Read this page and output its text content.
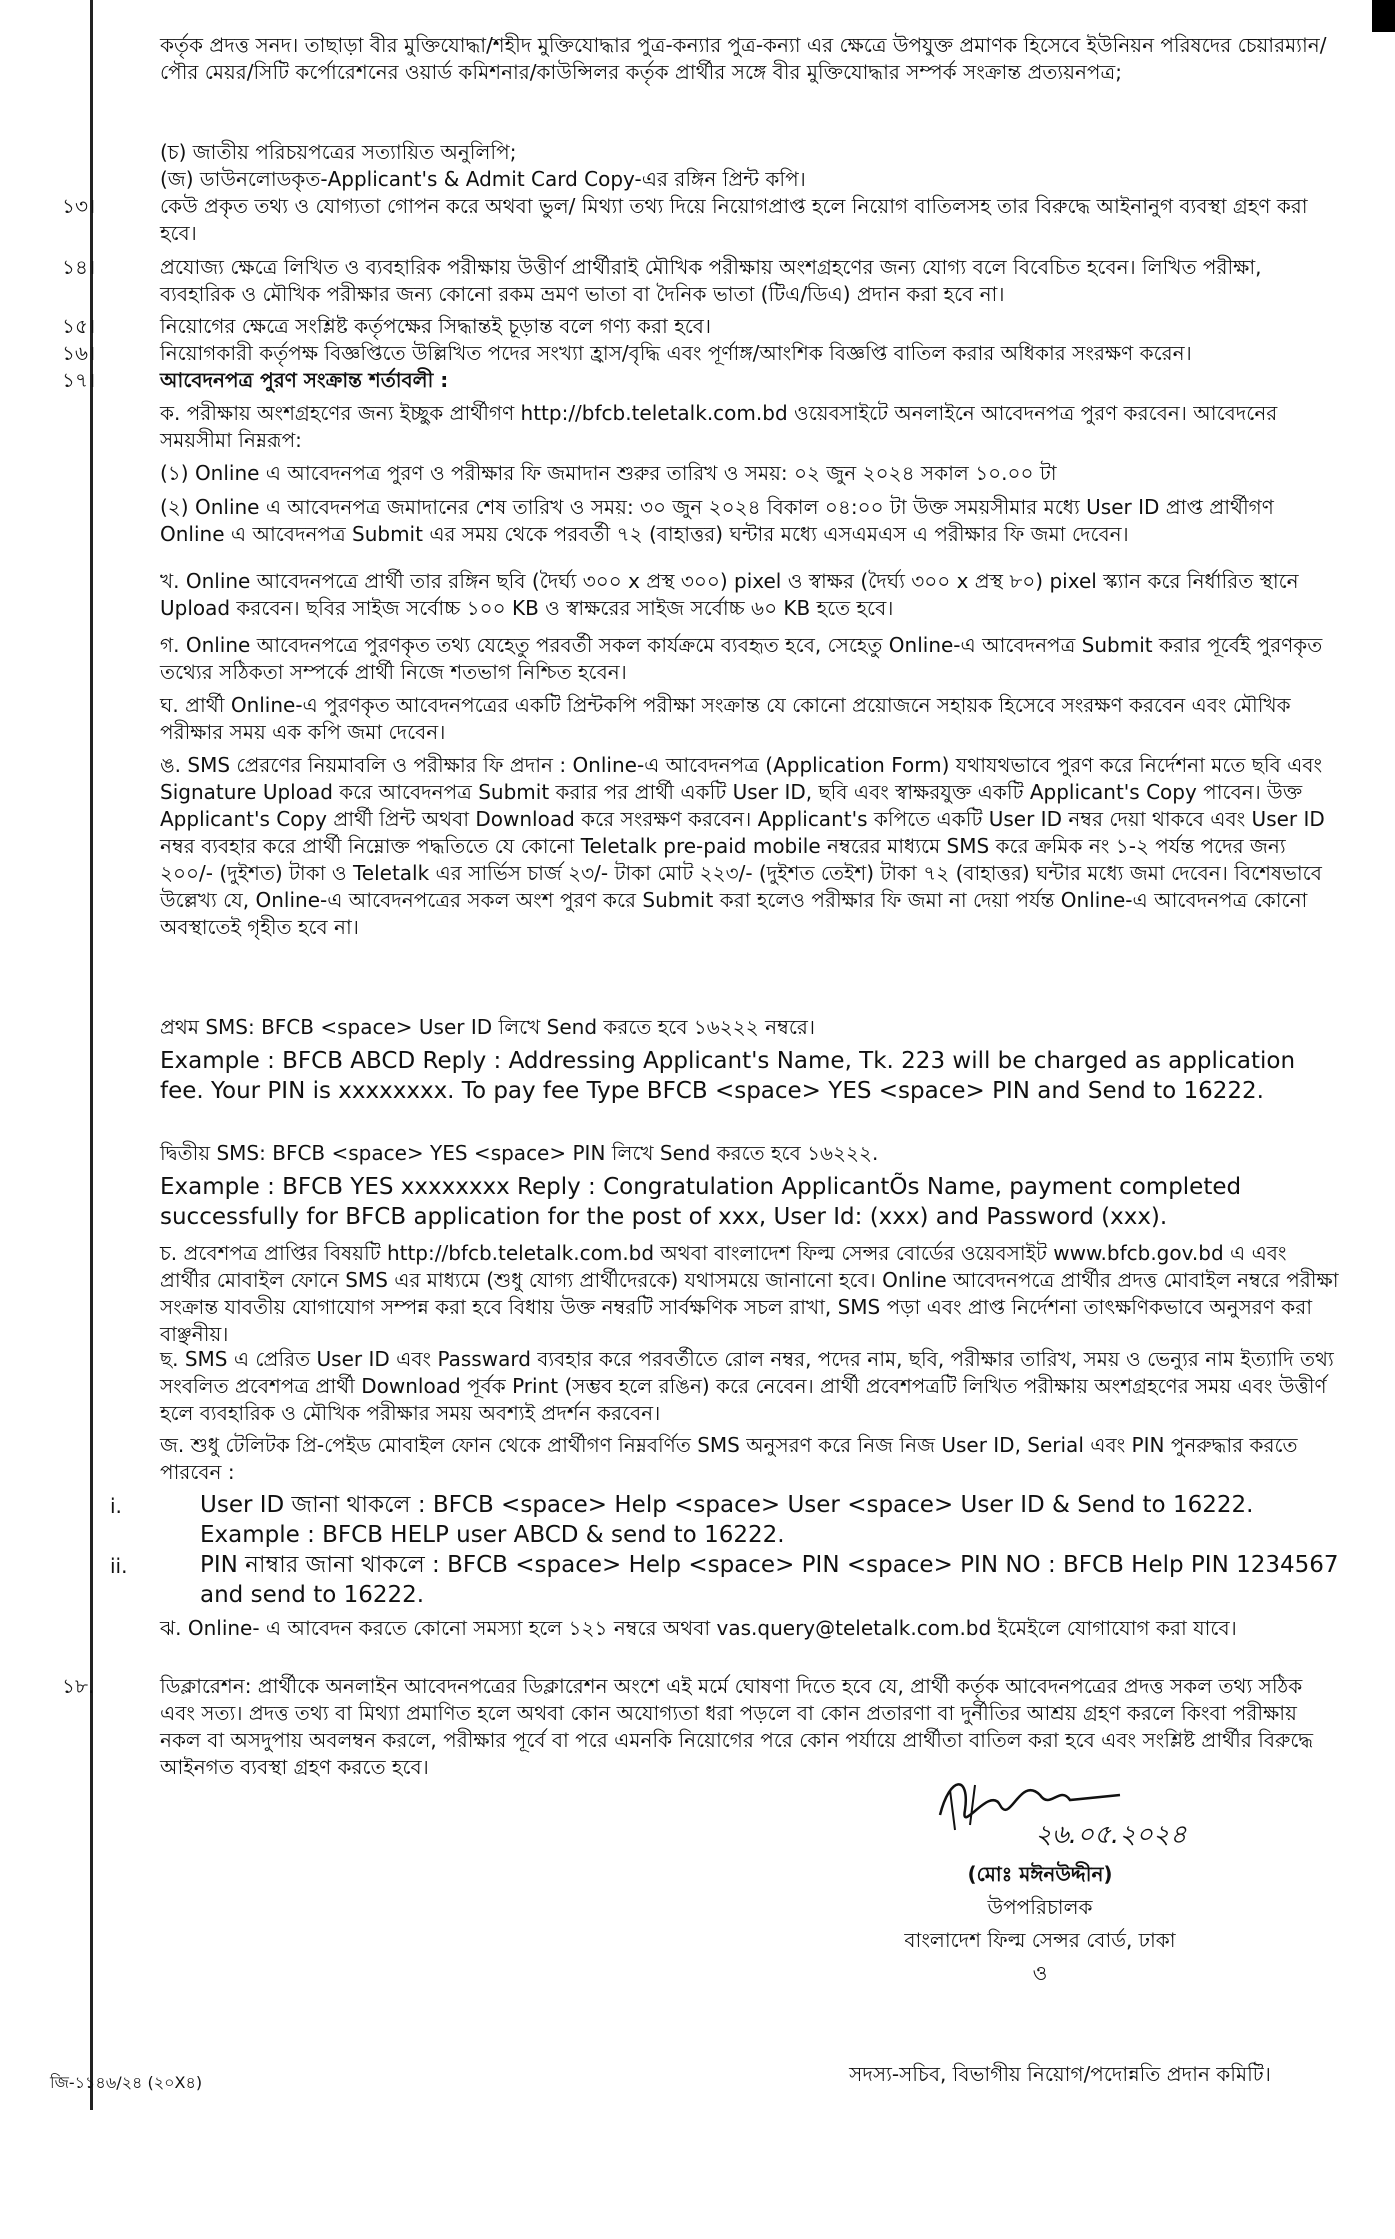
কর্তৃক প্রদত্ত সনদ। তাছাড়া বীর মুক্তিযোদ্ধা/শহীদ মুক্তিযোদ্ধার পুত্র-কন্যার পুত্র-কন্যা এর ক্ষেত্রে উপযুক্ত প্রমাণক হিসেবে ইউনিয়ন পরিষদের চেয়ারম্যান/পৌর মেয়র/সিটি কর্পোরেশনের ওয়ার্ড কমিশনার/কাউন্সিলর কর্তৃক প্রার্থীর সঙ্গে বীর মুক্তিযোদ্ধার সম্পর্ক সংক্রান্ত প্রত্যয়নপত্র;

(চ) জাতীয় পরিচয়পত্রের সত্যায়িত অনুলিপি;

(জ) ডাউনলোডকৃত-Applicant's & Admit Card Copy-এর রঙ্গিন প্রিন্ট কপি।

১৩।	কেউ প্রকৃত তথ্য ও যোগ্যতা গোপন করে অথবা ভুল/ মিথ্যা তথ্য দিয়ে নিয়োগপ্রাপ্ত হলে নিয়োগ বাতিলসহ তার বিরুদ্ধে আইনানুগ ব্যবস্থা গ্রহণ করা হবে।

১৪।	প্রযোজ্য ক্ষেত্রে লিখিত ও ব্যবহারিক পরীক্ষায় উত্তীর্ণ প্রার্থীরাই মৌখিক পরীক্ষায় অংশগ্রহণের জন্য যোগ্য বলে বিবেচিত হবেন। লিখিত পরীক্ষা, ব্যবহারিক ও মৌখিক পরীক্ষার জন্য কোনো রকম ভ্রমণ ভাতা বা দৈনিক ভাতা (টিএ/ডিএ) প্রদান করা হবে না।

১৫।	নিয়োগের ক্ষেত্রে সংশ্লিষ্ট কর্তৃপক্ষের সিদ্ধান্তই চূড়ান্ত বলে গণ্য করা হবে।

১৬।	নিয়োগকারী কর্তৃপক্ষ বিজ্ঞপ্তিতে উল্লিখিত পদের সংখ্যা হ্রাস/বৃদ্ধি এবং পূর্ণাঙ্গ/আংশিক বিজ্ঞপ্তি বাতিল করার অধিকার সংরক্ষণ করেন।

১৭।	আবেদনপত্র পুরণ সংক্রান্ত শর্তাবলী :

ক. পরীক্ষায় অংশগ্রহণের জন্য ইচ্ছুক প্রার্থীগণ http://bfcb.teletalk.com.bd ওয়েবসাইটে অনলাইনে আবেদনপত্র পুরণ করবেন। আবেদনের সময়সীমা নিম্নরূপ:

(১) Online এ আবেদনপত্র পুরণ ও পরীক্ষার ফি জমাদান শুরুর তারিখ ও সময়: ০২ জুন ২০২৪ সকাল ১০.০০ টা

(২) Online এ আবেদনপত্র জমাদানের শেষ তারিখ ও সময়: ৩০ জুন ২০২৪ বিকাল ০৪:০০ টা উক্ত সময়সীমার মধ্যে User ID প্রাপ্ত প্রার্থীগণ Online এ আবেদনপত্র Submit এর সময় থেকে পরবর্তী ৭২ (বাহাত্তর) ঘন্টার মধ্যে এসএমএস এ পরীক্ষার ফি জমা দেবেন।

খ. Online আবেদনপত্রে প্রার্থী তার রঙ্গিন ছবি (দৈর্ঘ্য ৩০০ x প্রস্থ ৩০০) pixel ও স্বাক্ষর (দৈর্ঘ্য ৩০০ x প্রস্থ ৮০) pixel স্ক্যান করে নির্ধারিত স্থানে Upload করবেন। ছবির সাইজ সর্বোচ্চ ১০০ KB ও স্বাক্ষরের সাইজ সর্বোচ্চ ৬০ KB হতে হবে।

গ. Online আবেদনপত্রে পুরণকৃত তথ্য যেহেতু পরবর্তী সকল কার্যক্রমে ব্যবহৃত হবে, সেহেতু Online-এ আবেদনপত্র Submit করার পূর্বেই পুরণকৃত তথ্যের সঠিকতা সম্পর্কে প্রার্থী নিজে শতভাগ নিশ্চিত হবেন।

ঘ. প্রার্থী Online-এ পুরণকৃত আবেদনপত্রের একটি প্রিন্টকপি পরীক্ষা সংক্রান্ত যে কোনো প্রয়োজনে সহায়ক হিসেবে সংরক্ষণ করবেন এবং মৌখিক পরীক্ষার সময় এক কপি জমা দেবেন।

ঙ. SMS প্রেরণের নিয়মাবলি ও পরীক্ষার ফি প্রদান : Online-এ আবেদনপত্র (Application Form) যথাযথভাবে পুরণ করে নির্দেশনা মতে ছবি এবং Signature Upload করে আবেদনপত্র Submit করার পর প্রার্থী একটি User ID, ছবি এবং স্বাক্ষরযুক্ত একটি Applicant's Copy পাবেন। উক্ত Applicant's Copy প্রার্থী প্রিন্ট অথবা Download করে সংরক্ষণ করবেন। Applicant's কপিতে একটি User ID নম্বর দেয়া থাকবে এবং User ID নম্বর ব্যবহার করে প্রার্থী নিম্নোক্ত পদ্ধতিতে যে কোনো Teletalk pre-paid mobile নম্বরের মাধ্যমে SMS করে ক্রমিক নং ১-২ পর্যন্ত পদের জন্য ২০০/- (দুইশত) টাকা ও Teletalk এর সার্ভিস চার্জ ২৩/- টাকা মোট ২২৩/- (দুইশত তেইশ) টাকা ৭২ (বাহাত্তর) ঘন্টার মধ্যে জমা দেবেন। বিশেষভাবে উল্লেখ্য যে, Online-এ আবেদনপত্রের সকল অংশ পুরণ করে Submit করা হলেও পরীক্ষার ফি জমা না দেয়া পর্যন্ত Online-এ আবেদনপত্র কোনো অবস্থাতেই গৃহীত হবে না।

প্রথম SMS: BFCB <space> User ID লিখে Send করতে হবে ১৬২২২ নম্বরে।

Example : BFCB ABCD Reply : Addressing Applicant's Name, Tk. 223 will be charged as application fee. Your PIN is xxxxxxxx. To pay fee Type BFCB <space> YES <space> PIN and Send to 16222.

দ্বিতীয় SMS: BFCB <space> YES <space> PIN লিখে Send করতে হবে ১৬২২২.

Example : BFCB YES xxxxxxxx Reply : Congratulation ApplicantÕs Name, payment completed successfully for BFCB application for the post of xxx, User Id: (xxx) and Password (xxx).

চ. প্রবেশপত্র প্রাপ্তির বিষয়টি http://bfcb.teletalk.com.bd অথবা বাংলাদেশ ফিল্ম সেন্সর বোর্ডের ওয়েবসাইট www.bfcb.gov.bd এ এবং প্রার্থীর মোবাইল ফোনে SMS এর মাধ্যমে (শুধু যোগ্য প্রার্থীদেরকে) যথাসময়ে জানানো হবে। Online আবেদনপত্রে প্রার্থীর প্রদত্ত মোবাইল নম্বরে পরীক্ষা সংক্রান্ত যাবতীয় যোগাযোগ সম্পন্ন করা হবে বিধায় উক্ত নম্বরটি সার্বক্ষণিক সচল রাখা, SMS পড়া এবং প্রাপ্ত নির্দেশনা তাৎক্ষণিকভাবে অনুসরণ করা বাঞ্ছনীয়।

ছ. SMS এ প্রেরিত User ID এবং Passward ব্যবহার করে পরবর্তীতে রোল নম্বর, পদের নাম, ছবি, পরীক্ষার তারিখ, সময় ও ভেন্যুর নাম ইত্যাদি তথ্য সংবলিত প্রবেশপত্র প্রার্থী Download পূর্বক Print (সম্ভব হলে রঙিন) করে নেবেন। প্রার্থী প্রবেশপত্রটি লিখিত পরীক্ষায় অংশগ্রহণের সময় এবং উত্তীর্ণ হলে ব্যবহারিক ও মৌখিক পরীক্ষার সময় অবশ্যই প্রদর্শন করবেন।

জ. শুধু টেলিটক প্রি-পেইড মোবাইল ফোন থেকে প্রার্থীগণ নিম্নবর্ণিত SMS অনুসরণ করে নিজ নিজ User ID, Serial এবং PIN পুনরুদ্ধার করতে পারবেন :

i.	User ID জানা থাকলে : BFCB <space> Help <space> User <space> User ID & Send to 16222. Example : BFCB HELP user ABCD & send to 16222.

ii.	PIN নাম্বার জানা থাকলে : BFCB <space> Help <space> PIN <space> PIN NO : BFCB Help PIN 1234567 and send to 16222.

ঝ. Online- এ আবেদন করতে কোনো সমস্যা হলে ১২১ নম্বরে অথবা vas.query@teletalk.com.bd ইমেইলে যোগাযোগ করা যাবে।

১৮.	ডিক্লারেশন: প্রার্থীকে অনলাইন আবেদনপত্রের ডিক্লারেশন অংশে এই মর্মে ঘোষণা দিতে হবে যে, প্রার্থী কর্তৃক আবেদনপত্রের প্রদত্ত সকল তথ্য সঠিক এবং সত্য। প্রদত্ত তথ্য বা মিথ্যা প্রমাণিত হলে অথবা কোন অযোগ্যতা ধরা পড়লে বা কোন প্রতারণা বা দুর্নীতির আশ্রয় গ্রহণ করলে কিংবা পরীক্ষায় নকল বা অসদুপায় অবলম্বন করলে, পরীক্ষার পূর্বে বা পরে এমনকি নিয়োগের পরে কোন পর্যায়ে প্রার্থীতা বাতিল করা হবে এবং সংশ্লিষ্ট প্রার্থীর বিরুদ্ধে আইনগত ব্যবস্থা গ্রহণ করতে হবে।

২৬.০৫.২০২৪
(মোঃ মঈনউদ্দীন)
উপপরিচালক
বাংলাদেশ ফিল্ম সেন্সর বোর্ড, ঢাকা
ও
জি-১১৪৬/২৪ (২০X৪)	সদস্য-সচিব, বিভাগীয় নিয়োগ/পদোন্নতি প্রদান কমিটি।
